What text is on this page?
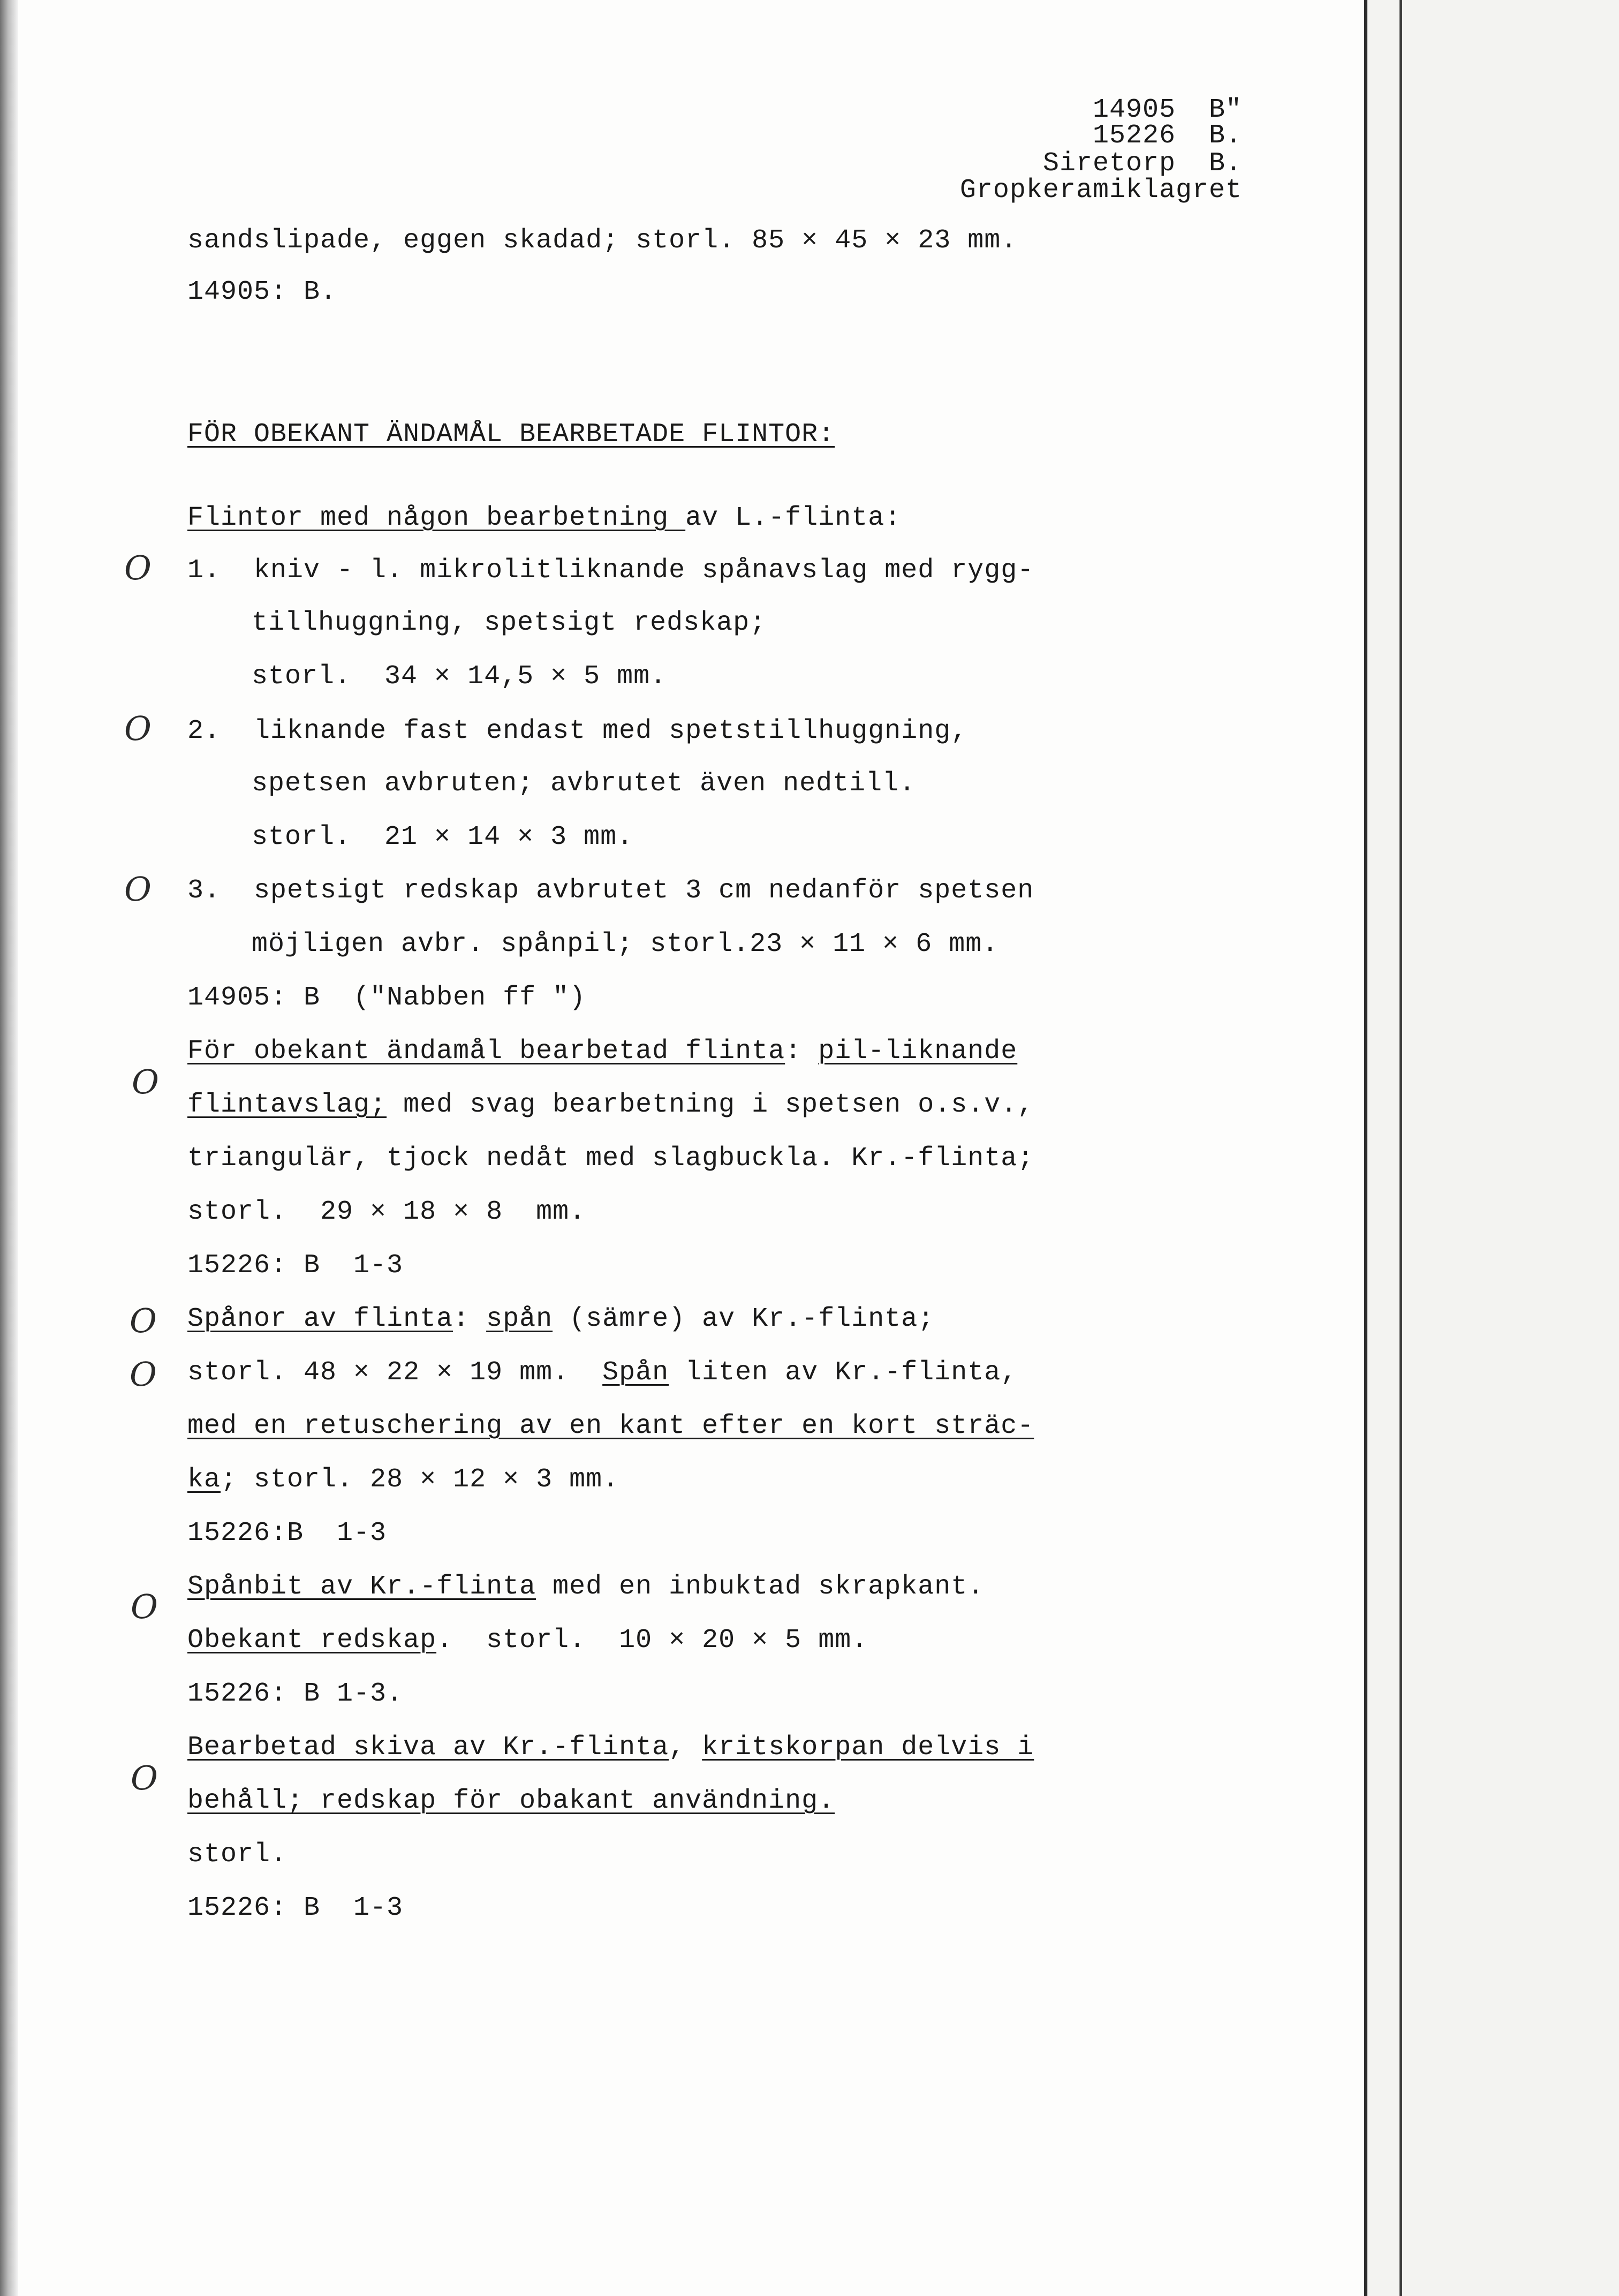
14905  B"
15226  B.
Siretorp  B.
Gropkeramiklagret
sandslipade, eggen skadad; storl. 85 × 45 × 23 mm.
14905: B.
FÖR OBEKANT ÄNDAMÅL BEARBETADE FLINTOR:
Flintor med någon bearbetning av L.-flinta:
O 1.  kniv - l. mikrolitliknande spånavslag med rygg-
tillhuggning, spetsigt redskap;
storl.  34 × 14,5 × 5 mm.
O 2.  liknande fast endast med spetstillhuggning,
spetsen avbruten; avbrutet även nedtill.
storl.  21 × 14 × 3 mm.
O 3.  spetsigt redskap avbrutet 3 cm nedanför spetsen
möjligen avbr. spånpil; storl.23 × 11 × 6 mm.
14905: B  ("Nabben ff ")
O
För obekant ändamål bearbetad flinta: pil-liknande
flintavslag; med svag bearbetning i spetsen o.s.v.,
triangulär, tjock nedåt med slagbuckla. Kr.-flinta;
storl.  29 × 18 × 8  mm.
15226: B  1-3
O Spånor av flinta: spån (sämre) av Kr.-flinta;
O storl. 48 × 22 × 19 mm.  Spån liten av Kr.-flinta,
med en retuschering av en kant efter en kort sträc-
ka; storl. 28 × 12 × 3 mm.
15226:B  1-3
O
Spånbit av Kr.-flinta med en inbuktad skrapkant.
Obekant redskap.  storl.  10 × 20 × 5 mm.
15226: B 1-3.
O
Bearbetad skiva av Kr.-flinta, kritskorpan delvis i
behåll; redskap för obakant användning.
storl.
15226: B  1-3
